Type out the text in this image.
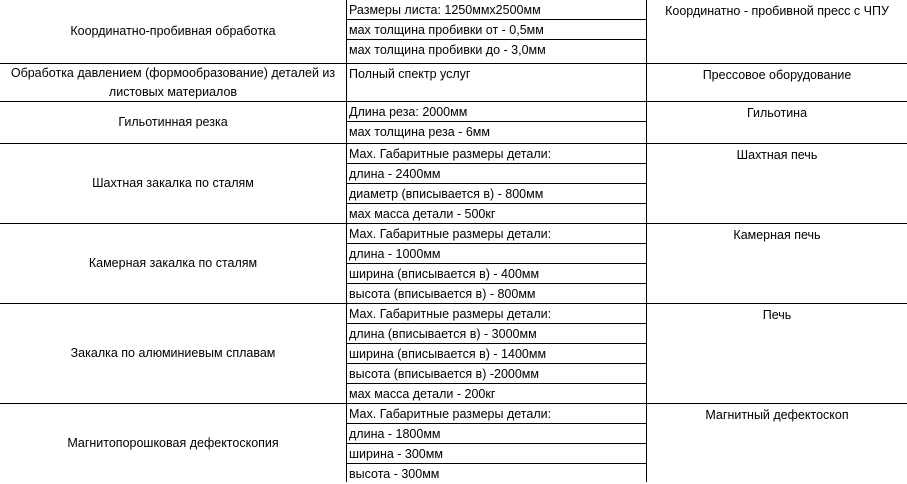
Координатно-пробивная обработка
Размеры листа: 1250ммх2500мм
мах толщина пробивки от - 0,5мм
мах толщина пробивки до - 3,0мм
Координатно - пробивной пресс с ЧПУ
Обработка давлением (формообразование) деталей из листовых материалов
Полный спектр услуг	Прессовое оборудование
Гильотинная резка
Длина реза: 2000мм
мах толщина реза - 6мм
Гильотина
Шахтная закалка по сталям
Мах. Габаритные размеры детали:
длина - 2400мм
диаметр (вписывается в) - 800мм
мах масса детали - 500кг
Шахтная печь
Камерная закалка по сталям
Мах. Габаритные размеры детали:
длина - 1000мм
ширина (вписывается в) - 400мм
высота (вписывается в) - 800мм
Камерная печь
Закалка по алюминиевым сплавам
Мах. Габаритные размеры детали:
длина (вписывается в) - 3000мм
ширина (вписывается в) - 1400мм
высота (вписывается в) -2000мм
мах масса детали - 200кг
Печь
Магнитопорошковая дефектоскопия
Мах. Габаритные размеры детали:
длина - 1800мм
ширина - 300мм
высота - 300мм
Магнитный дефектоскоп
